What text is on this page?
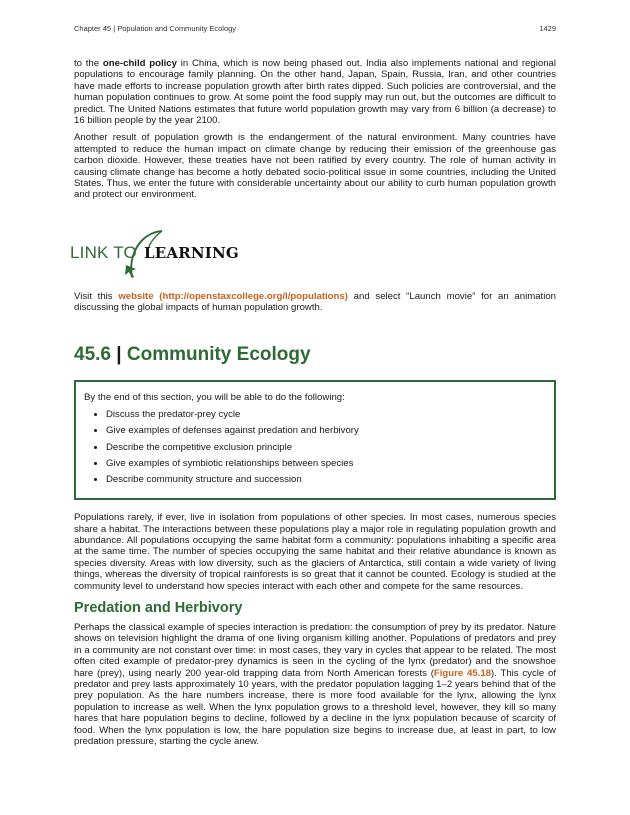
Chapter 45 | Population and Community Ecology	1429

to the one-child policy in China, which is now being phased out. India also implements national and regional populations to encourage family planning. On the other hand, Japan, Spain, Russia, Iran, and other countries have made efforts to increase population growth after birth rates dipped. Such policies are controversial, and the human population continues to grow. At some point the food supply may run out, but the outcomes are difficult to predict. The United Nations estimates that future world population growth may vary from 6 billion (a decrease) to 16 billion people by the year 2100.

Another result of population growth is the endangerment of the natural environment. Many countries have attempted to reduce the human impact on climate change by reducing their emission of the greenhouse gas carbon dioxide. However, these treaties have not been ratified by every country. The role of human activity in causing climate change has become a hotly debated socio-political issue in some countries, including the United States. Thus, we enter the future with considerable uncertainty about our ability to curb human population growth and protect our environment.

LINK TO LEARNING

Visit this website (http://openstaxcollege.org/l/populations) and select “Launch movie” for an animation discussing the global impacts of human population growth.

45.6 | Community Ecology
By the end of this section, you will be able to do the following:
• Discuss the predator-prey cycle
• Give examples of defenses against predation and herbivory
• Describe the competitive exclusion principle
• Give examples of symbiotic relationships between species
• Describe community structure and succession

Populations rarely, if ever, live in isolation from populations of other species. In most cases, numerous species share a habitat. The interactions between these populations play a major role in regulating population growth and abundance. All populations occupying the same habitat form a community: populations inhabiting a specific area at the same time. The number of species occupying the same habitat and their relative abundance is known as species diversity. Areas with low diversity, such as the glaciers of Antarctica, still contain a wide variety of living things, whereas the diversity of tropical rainforests is so great that it cannot be counted. Ecology is studied at the community level to understand how species interact with each other and compete for the same resources.

Predation and Herbivory

Perhaps the classical example of species interaction is predation: the consumption of prey by its predator. Nature shows on television highlight the drama of one living organism killing another. Populations of predators and prey in a community are not constant over time: in most cases, they vary in cycles that appear to be related. The most often cited example of predator-prey dynamics is seen in the cycling of the lynx (predator) and the snowshoe hare (prey), using nearly 200 year-old trapping data from North American forests (Figure 45.18). This cycle of predator and prey lasts approximately 10 years, with the predator population lagging 1–2 years behind that of the prey population. As the hare numbers increase, there is more food available for the lynx, allowing the lynx population to increase as well. When the lynx population grows to a threshold level, however, they kill so many hares that hare population begins to decline, followed by a decline in the lynx population because of scarcity of food. When the lynx population is low, the hare population size begins to increase due, at least in part, to low predation pressure, starting the cycle anew.
